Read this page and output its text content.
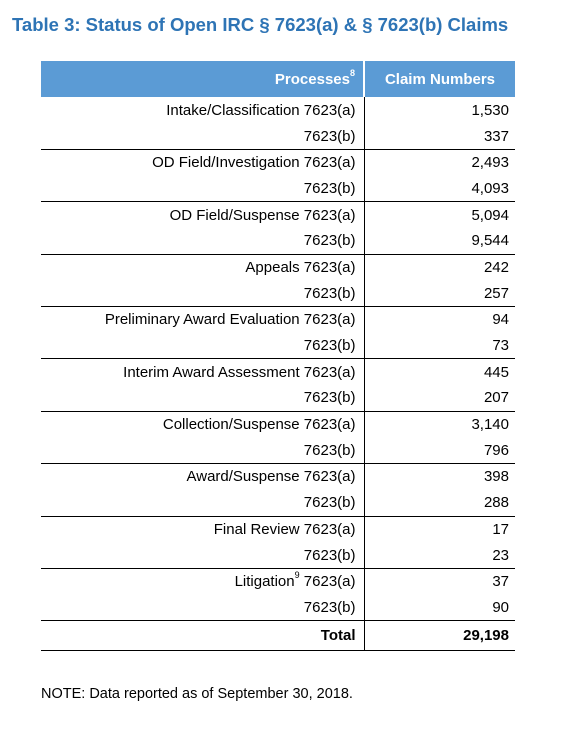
Table 3: Status of Open IRC § 7623(a) & § 7623(b) Claims
Processes$^8$	Claim Numbers
Intake/Classification 7623(a)	1,530
7623(b)	337
OD Field/Investigation 7623(a)	2,493
7623(b)	4,093
OD Field/Suspense 7623(a)	5,094
7623(b)	9,544
Appeals 7623(a)	242
7623(b)	257
Preliminary Award Evaluation 7623(a)	94
7623(b)	73
Interim Award Assessment 7623(a)	445
7623(b)	207
Collection/Suspense 7623(a)	3,140
7623(b)	796
Award/Suspense 7623(a)	398
7623(b)	288
Final Review 7623(a)	17
7623(b)	23
Litigation$^9$ 7623(a)	37
7623(b)	90
Total	29,198

NOTE: Data reported as of September 30, 2018.
